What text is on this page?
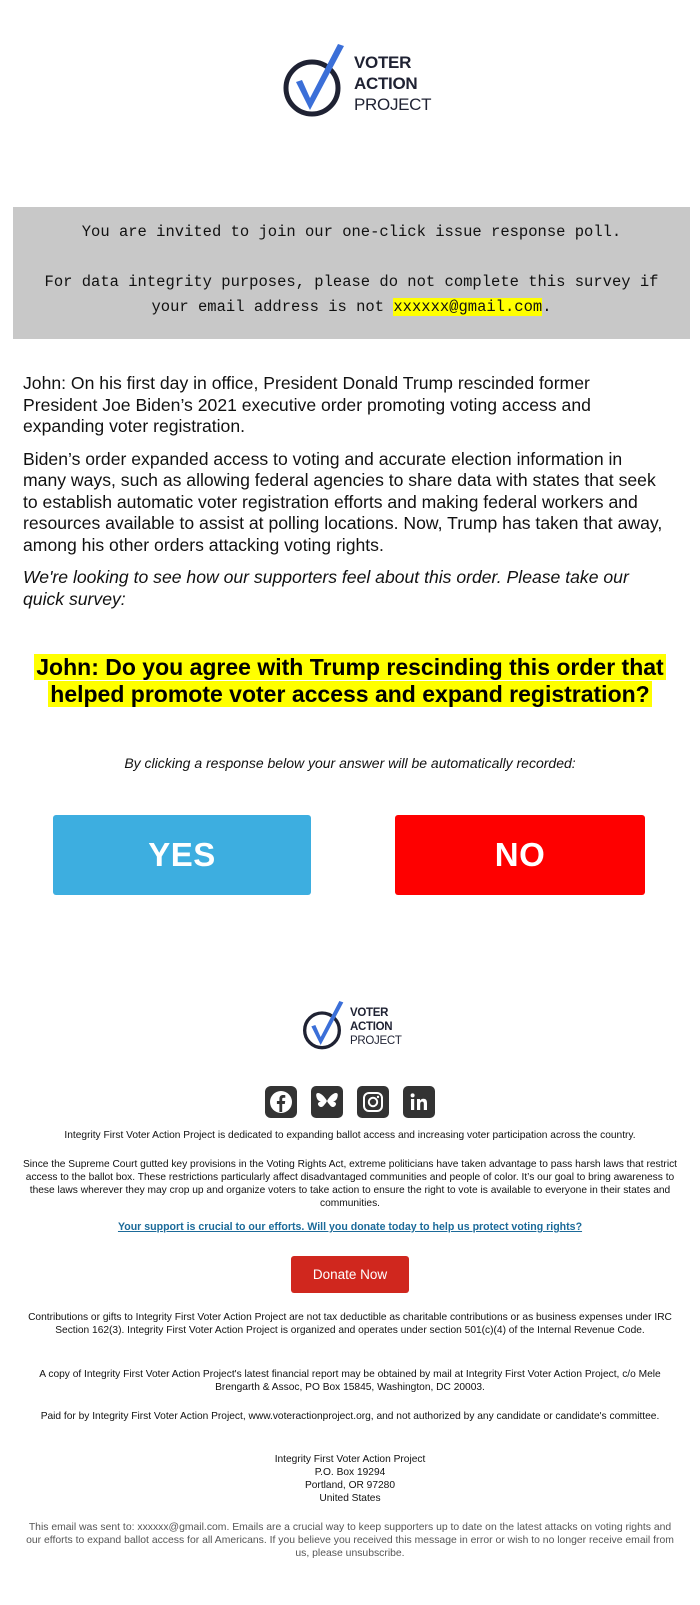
VOTER
ACTION
PROJECT

You are invited to join our one-click issue response poll.

For data integrity purposes, please do not complete this survey if

your email address is not xxxxxx@gmail.com.

John: On his first day in office, President Donald Trump rescinded former President Joe Biden’s 2021 executive order promoting voting access and expanding voter registration.

Biden’s order expanded access to voting and accurate election information in many ways, such as allowing federal agencies to share data with states that seek to establish automatic voter registration efforts and making federal workers and resources available to assist at polling locations. Now, Trump has taken that away, among his other orders attacking voting rights.

We're looking to see how our supporters feel about this order. Please take our quick survey:

John: Do you agree with Trump rescinding this order that helped promote voter access and expand registration?
By clicking a response below your answer will be automatically recorded:
YES	NO
VOTER
ACTION
PROJECT
Integrity First Voter Action Project is dedicated to expanding ballot access and increasing voter participation across the country.
Since the Supreme Court gutted key provisions in the Voting Rights Act, extreme politicians have taken advantage to pass harsh laws that restrict access to the ballot box. These restrictions particularly affect disadvantaged communities and people of color. It’s our goal to bring awareness to these laws wherever they may crop up and organize voters to take action to ensure the right to vote is available to everyone in their states and communities.
Your support is crucial to our efforts. Will you donate today to help us protect voting rights?
Donate Now
Contributions or gifts to Integrity First Voter Action Project are not tax deductible as charitable contributions or as business expenses under IRC Section 162(3). Integrity First Voter Action Project is organized and operates under section 501(c)(4) of the Internal Revenue Code.
A copy of Integrity First Voter Action Project's latest financial report may be obtained by mail at Integrity First Voter Action Project, c/o Mele Brengarth & Assoc, PO Box 15845, Washington, DC 20003.
Paid for by Integrity First Voter Action Project, www.voteractionproject.org, and not authorized by any candidate or candidate's committee.
Integrity First Voter Action Project
P.O. Box 19294
Portland, OR 97280
United States
This email was sent to: xxxxxx@gmail.com. Emails are a crucial way to keep supporters up to date on the latest attacks on voting rights and our efforts to expand ballot access for all Americans. If you believe you received this message in error or wish to no longer receive email from us, please unsubscribe.
